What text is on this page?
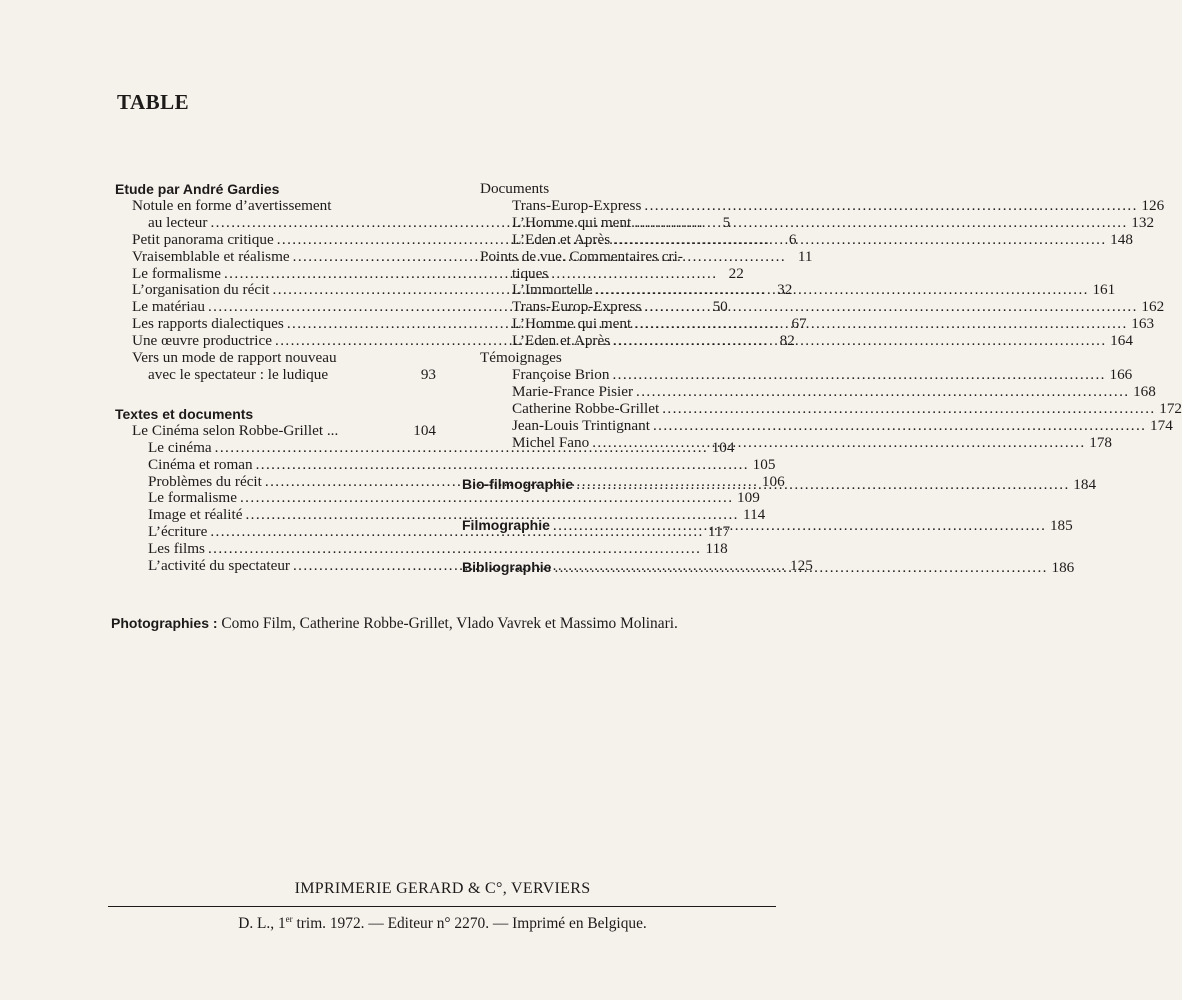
TABLE
Etude par André Gardies
Notule en forme d’avertissement
au lecteur . . .	5
Petit panorama critique . . .	6
Vraisemblable et réalisme . . .	11
Le formalisme . . .	22
L’organisation du récit . . .	32
Le matériau . . .	50
Les rapports dialectiques . . .	67
Une œuvre productrice . . .	82
Vers un mode de rapport nouveau
avec le spectateur : le ludique	93
Textes et documents
Le Cinéma selon Robbe-Grillet ...	104
Le cinéma . . .	104
Cinéma et roman . . .	105
Problèmes du récit . . .	106
Le formalisme . . .	109
Image et réalité . . .	114
L’écriture . . .	117
Les films . . .	118
L’activité du spectateur . . .	125
Documents
Trans-Europ-Express . . .	126
L’Homme qui ment . . .	132
L’Eden et Après . . .	148
Points de vue. Commentaires cri-
tiques
L’Immortelle . . .	161
Trans-Europ-Express . . .	162
L’Homme qui ment . . .	163
L’Eden et Après . . .	164
Témoignages
Françoise Brion . . .	166
Marie-France Pisier . . .	168
Catherine Robbe-Grillet . . .	172
Jean-Louis Trintignant . . .	174
Michel Fano . . .	178
Bio-filmographie . . .	184
Filmographie . . .	185
Bibliographie . . .	186
Photographies : Como Film, Catherine Robbe-Grillet, Vlado Vavrek et Massimo Molinari.
IMPRIMERIE GERARD & C°, VERVIERS
D. L., 1er trim. 1972. — Editeur n° 2270. — Imprimé en Belgique.
